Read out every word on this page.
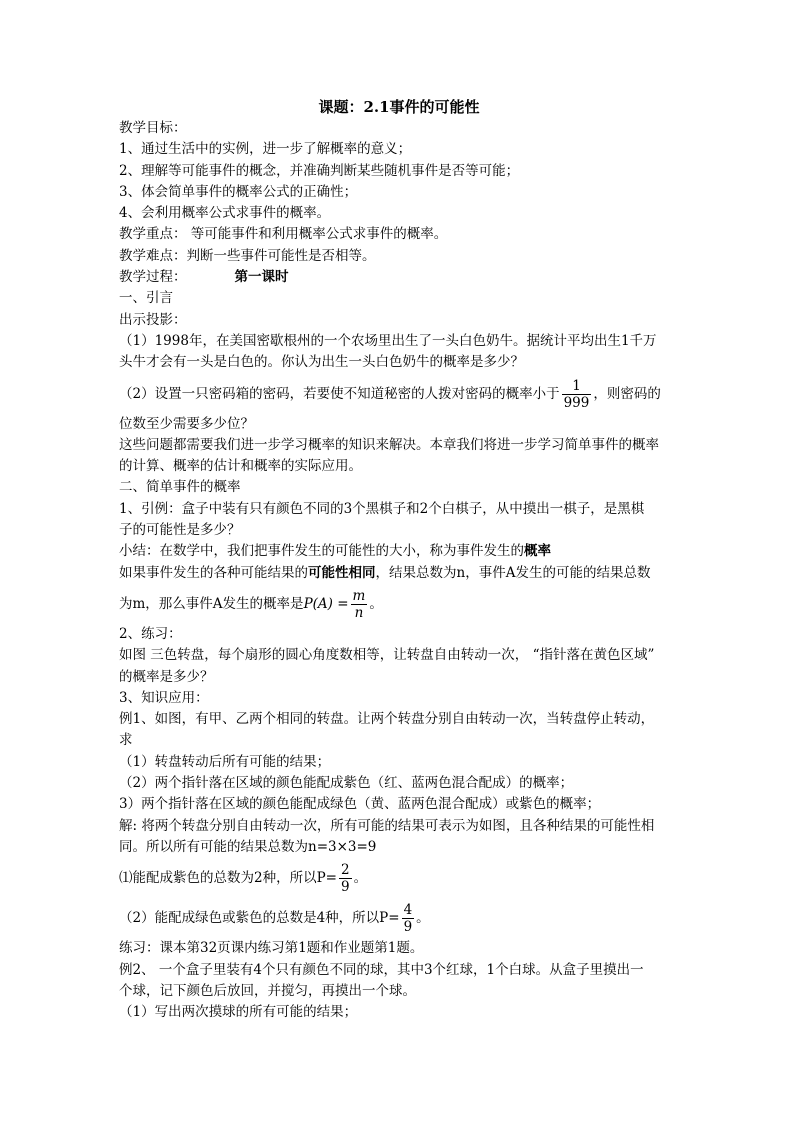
课题：2.1事件的可能性
教学目标：
1、通过生活中的实例，进一步了解概率的意义；
2、理解等可能事件的概念，并准确判断某些随机事件是否等可能；
3、体会简单事件的概率公式的正确性；
4、会利用概率公式求事件的概率。
教学重点： 等可能事件和利用概率公式求事件的概率。
教学难点：判断一些事件可能性是否相等。
教学过程：	第一课时
一、引言
出示投影：
（1）1998年，在美国密歇根州的一个农场里出生了一头白色奶牛。据统计平均出生1千万
头牛才会有一头是白色的。你认为出生一头白色奶牛的概率是多少？
（2）设置一只密码箱的密码，若要使不知道秘密的人拨对密码的概率小于 $\frac{1}{999}$ ，则密码的
位数至少需要多少位？
这些问题都需要我们进一步学习概率的知识来解决。本章我们将进一步学习简单事件的概率
的计算、概率的估计和概率的实际应用。
二、简单事件的概率
1、引例：盒子中装有只有颜色不同的3个黑棋子和2个白棋子，从中摸出一棋子，是黑棋
子的可能性是多少？
小结：在数学中，我们把事件发生的可能性的大小，称为事件发生的概率
如果事件发生的各种可能结果的可能性相同，结果总数为n，事件A发生的可能的结果总数
为m，那么事件A发生的概率是$P(A) = \frac{m}{n}$ 。
2、练习：
如图 三色转盘，每个扇形的圆心角度数相等，让转盘自由转动一次， “指针落在黄色区域”
的概率是多少？
3、知识应用：
例1、如图，有甲、乙两个相同的转盘。让两个转盘分别自由转动一次，当转盘停止转动，
求
（1）转盘转动后所有可能的结果；
（2）两个指针落在区域的颜色能配成紫色（红、蓝两色混合配成）的概率；
3）两个指针落在区域的颜色能配成绿色（黄、蓝两色混合配成）或紫色的概率；
解: 将两个转盘分别自由转动一次，所有可能的结果可表示为如图，且各种结果的可能性相
同。所以所有可能的结果总数为n=3×3=9
⑴能配成紫色的总数为2种，所以$P= \frac{2}{9}$ 。
（2）能配成绿色或紫色的总数是4种，所以$P= \frac{4}{9}$ 。
练习：课本第32页课内练习第1题和作业题第1题。
例2、 一个盒子里装有4个只有颜色不同的球，其中3个红球，1个白球。从盒子里摸出一
个球，记下颜色后放回，并搅匀，再摸出一个球。
（1）写出两次摸球的所有可能的结果；
